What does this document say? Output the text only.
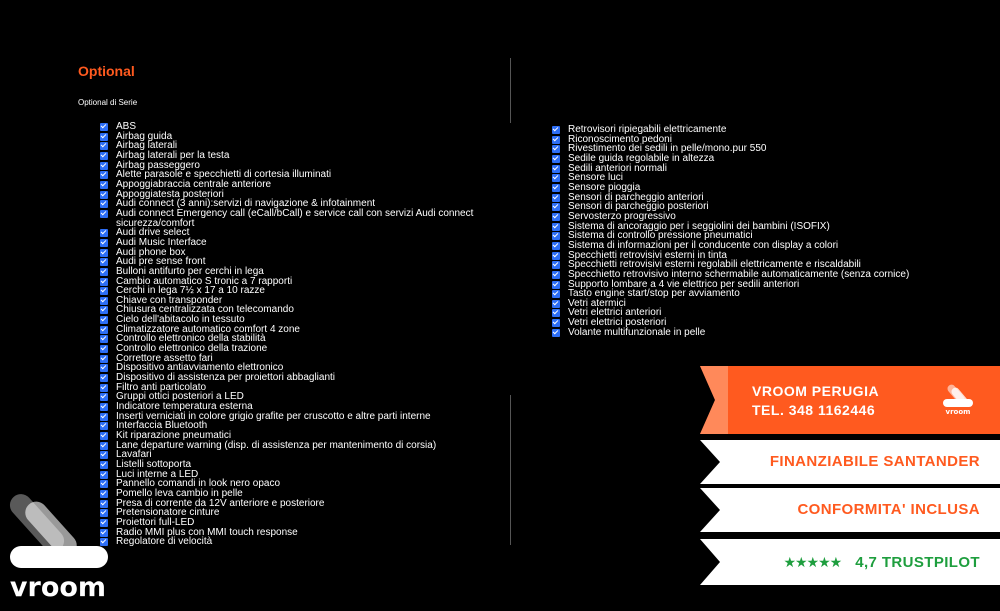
Optional
Optional di Serie
ABS
Airbag guida
Airbag laterali
Airbag laterali per la testa
Airbag passeggero
Alette parasole e specchietti di cortesia illuminati
Appoggiabraccia centrale anteriore
Appoggiatesta posteriori
Audi connect (3 anni):servizi di navigazione & infotainment
Audi connect Emergency call (eCall/bCall) e service call con servizi Audi connect sicurezza/comfort
Audi drive select
Audi Music Interface
Audi phone box
Audi pre sense front
Bulloni antifurto per cerchi in lega
Cambio automatico S tronic a 7 rapporti
Cerchi in lega 7½ x 17 a 10 razze
Chiave con transponder
Chiusura centralizzata con telecomando
Cielo dell'abitacolo in tessuto
Climatizzatore automatico comfort 4 zone
Controllo elettronico della stabilità
Controllo elettronico della trazione
Correttore assetto fari
Dispositivo antiavviamento elettronico
Dispositivo di assistenza per proiettori abbaglianti
Filtro anti particolato
Gruppi ottici posteriori a LED
Indicatore temperatura esterna
Inserti verniciati in colore grigio grafite per cruscotto e altre parti interne
Interfaccia Bluetooth
Kit riparazione pneumatici
Lane departure warning (disp. di assistenza per mantenimento di corsia)
Lavafari
Listelli sottoporta
Luci interne a LED
Pannello comandi in look nero opaco
Pomello leva cambio in pelle
Presa di corrente da 12V anteriore e posteriore
Pretensionatore cinture
Proiettori full-LED
Radio MMI plus con MMI touch response
Regolatore di velocità
Retrovisori ripiegabili elettricamente
Riconoscimento pedoni
Rivestimento dei sedili in pelle/mono.pur 550
Sedile guida regolabile in altezza
Sedili anteriori normali
Sensore luci
Sensore pioggia
Sensori di parcheggio anteriori
Sensori di parcheggio posteriori
Servosterzo progressivo
Sistema di ancoraggio per i seggiolini dei bambini (ISOFIX)
Sistema di controllo pressione pneumatici
Sistema di informazioni per il conducente con display a colori
Specchietti retrovisivi esterni in tinta
Specchietti retrovisivi esterni regolabili elettricamente e riscaldabili
Specchietto retrovisivo interno schermabile automaticamente (senza cornice)
Supporto lombare a 4 vie elettrico per sedili anteriori
Tasto engine start/stop per avviamento
Vetri atermici
Vetri elettrici anteriori
Vetri elettrici posteriori
Volante multifunzionale in pelle
VROOM PERUGIA
TEL. 348 1162446	vroom
FINANZIABILE SANTANDER
CONFORMITA' INCLUSA
★★★★★ 4,7 TRUSTPILOT
vroom
